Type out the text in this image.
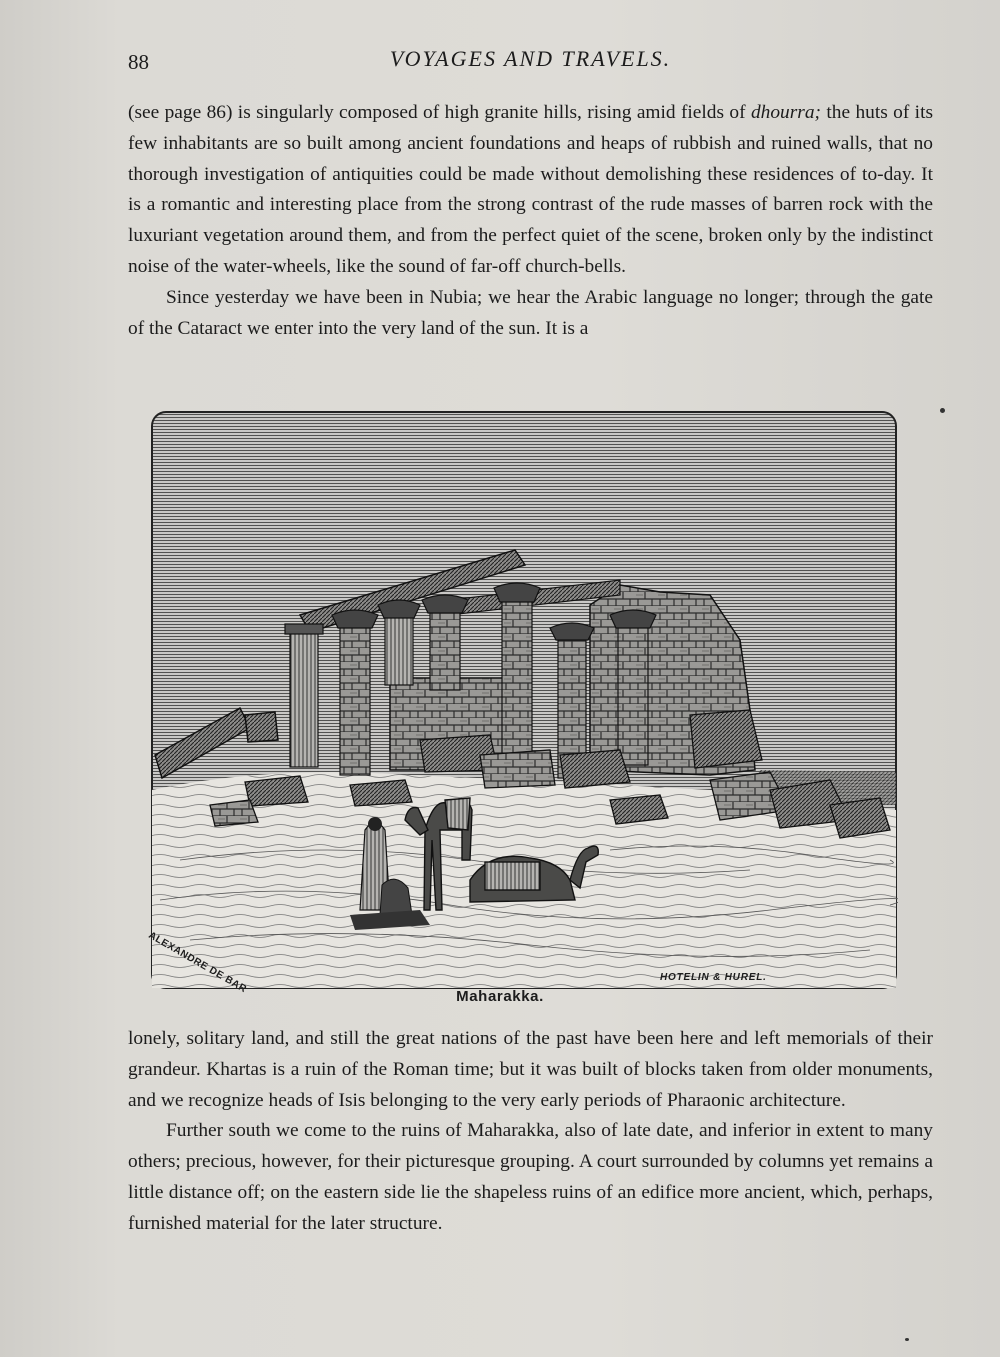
88	VOYAGES AND TRAVELS.

(see page 86) is singularly composed of high granite hills, rising amid fields of dhourra; the huts of its few inhabitants are so built among ancient foundations and heaps of rubbish and ruined walls, that no thorough investigation of antiquities could be made without demolishing these residences of to-day. It is a romantic and interesting place from the strong contrast of the rude masses of barren rock with the luxuriant vegetation around them, and from the perfect quiet of the scene, broken only by the indistinct noise of the water-wheels, like the sound of far-off church-bells.

Since yesterday we have been in Nubia; we hear the Arabic language no longer; through the gate of the Cataract we enter into the very land of the sun. It is a

ALEXANDRE DE BAR	HOTELIN & HUREL.
Maharakka.

lonely, solitary land, and still the great nations of the past have been here and left memorials of their grandeur. Khartas is a ruin of the Roman time; but it was built of blocks taken from older monuments, and we recognize heads of Isis belonging to the very early periods of Pharaonic architecture.

Further south we come to the ruins of Maharakka, also of late date, and inferior in extent to many others; precious, however, for their picturesque grouping. A court surrounded by columns yet remains a little distance off; on the eastern side lie the shapeless ruins of an edifice more ancient, which, perhaps, furnished material for the later structure.
